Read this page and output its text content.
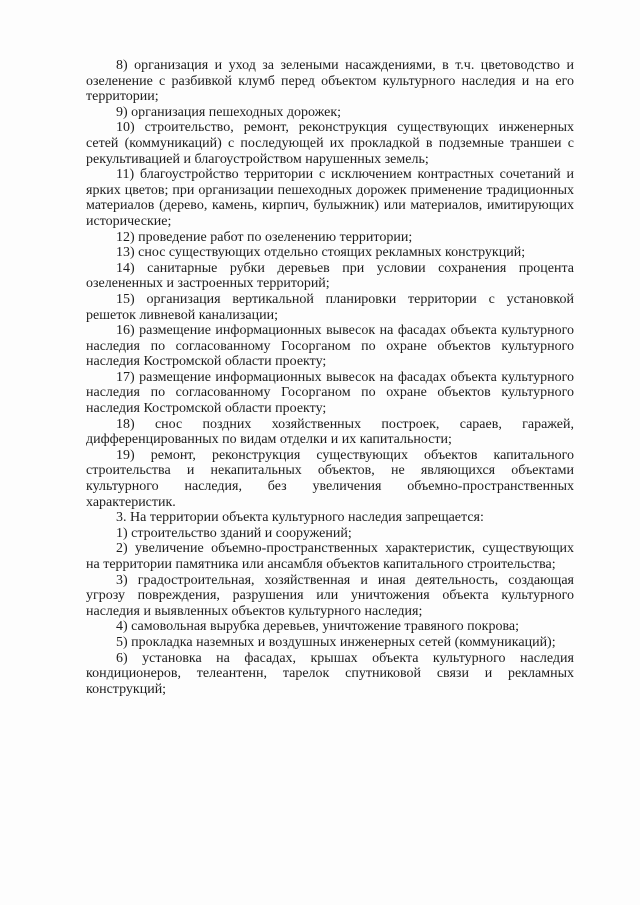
8) организация и уход за зелеными насаждениями, в т.ч. цветоводство и озеленение с разбивкой клумб перед объектом культурного наследия и на его территории;

9) организация пешеходных дорожек;

10) строительство, ремонт, реконструкция существующих инженерных сетей (коммуникаций) с последующей их прокладкой в подземные траншеи с рекультивацией и благоустройством нарушенных земель;

11) благоустройство территории с исключением контрастных сочетаний и ярких цветов; при организации пешеходных дорожек применение традиционных материалов (дерево, камень, кирпич, булыжник) или материалов, имитирующих исторические;

12) проведение работ по озеленению территории;

13) снос существующих отдельно стоящих рекламных конструкций;

14) санитарные рубки деревьев при условии сохранения процента озелененных и застроенных территорий;

15) организация вертикальной планировки территории с установкой решеток ливневой канализации;

16) размещение информационных вывесок на фасадах объекта культурного наследия по согласованному Госорганом по охране объектов культурного наследия Костромской области проекту;

17) размещение информационных вывесок на фасадах объекта культурного наследия по согласованному Госорганом по охране объектов культурного наследия Костромской области проекту;

18) снос поздних хозяйственных построек, сараев, гаражей, дифференцированных по видам отделки и их капитальности;

19) ремонт, реконструкция существующих объектов капитального строительства и некапитальных объектов, не являющихся объектами культурного наследия, без увеличения объемно-пространственных характеристик.

3. На территории объекта культурного наследия запрещается:

1) строительство зданий и сооружений;

2) увеличение объемно-пространственных характеристик, существующих на территории памятника или ансамбля объектов капитального строительства;

3) градостроительная, хозяйственная и иная деятельность, создающая угрозу повреждения, разрушения или уничтожения объекта культурного наследия и выявленных объектов культурного наследия;

4) самовольная вырубка деревьев, уничтожение травяного покрова;

5) прокладка наземных и воздушных инженерных сетей (коммуникаций);

6) установка на фасадах, крышах объекта культурного наследия кондиционеров, телеантенн, тарелок спутниковой связи и рекламных конструкций;
